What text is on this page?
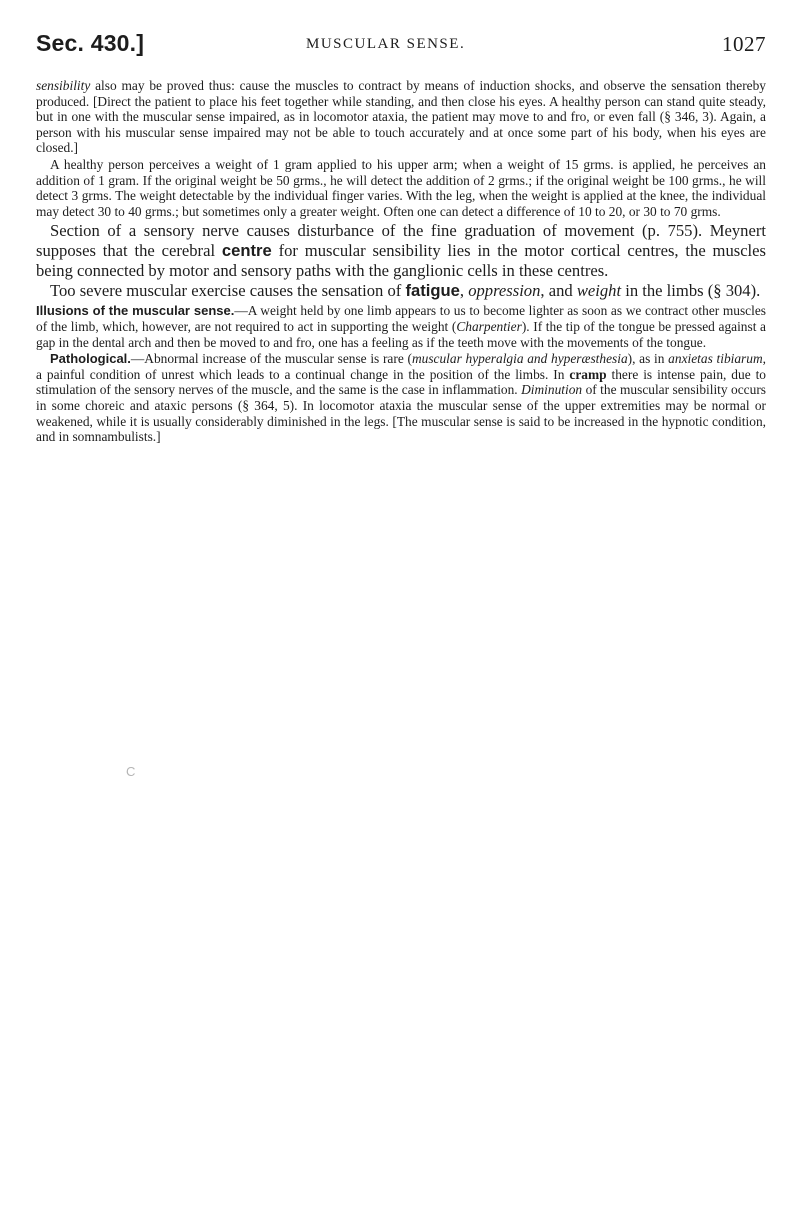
Sec. 430.]	MUSCULAR SENSE.	1027

sensibility also may be proved thus: cause the muscles to contract by means of induction shocks, and observe the sensation thereby produced. [Direct the patient to place his feet together while standing, and then close his eyes. A healthy person can stand quite steady, but in one with the muscular sense impaired, as in locomotor ataxia, the patient may move to and fro, or even fall (§ 346, 3). Again, a person with his muscular sense impaired may not be able to touch accurately and at once some part of his body, when his eyes are closed.]

A healthy person perceives a weight of 1 gram applied to his upper arm; when a weight of 15 grms. is applied, he perceives an addition of 1 gram. If the original weight be 50 grms., he will detect the addition of 2 grms.; if the original weight be 100 grms., he will detect 3 grms. The weight detectable by the individual finger varies. With the leg, when the weight is applied at the knee, the individual may detect 30 to 40 grms.; but sometimes only a greater weight. Often one can detect a difference of 10 to 20, or 30 to 70 grms.

Section of a sensory nerve causes disturbance of the fine graduation of movement (p. 755). Meynert supposes that the cerebral centre for muscular sensibility lies in the motor cortical centres, the muscles being connected by motor and sensory paths with the ganglionic cells in these centres.

Too severe muscular exercise causes the sensation of fatigue, oppression, and weight in the limbs (§ 304).

Illusions of the muscular sense.—A weight held by one limb appears to us to become lighter as soon as we contract other muscles of the limb, which, however, are not required to act in supporting the weight (Charpentier). If the tip of the tongue be pressed against a gap in the dental arch and then be moved to and fro, one has a feeling as if the teeth move with the movements of the tongue.

Pathological.—Abnormal increase of the muscular sense is rare (muscular hyperalgia and hyperæsthesia), as in anxietas tibiarum, a painful condition of unrest which leads to a continual change in the position of the limbs. In cramp there is intense pain, due to stimulation of the sensory nerves of the muscle, and the same is the case in inflammation. Diminution of the muscular sensibility occurs in some choreic and ataxic persons (§ 364, 5). In locomotor ataxia the muscular sense of the upper extremities may be normal or weakened, while it is usually considerably diminished in the legs. [The muscular sense is said to be increased in the hypnotic condition, and in somnambulists.]

C
